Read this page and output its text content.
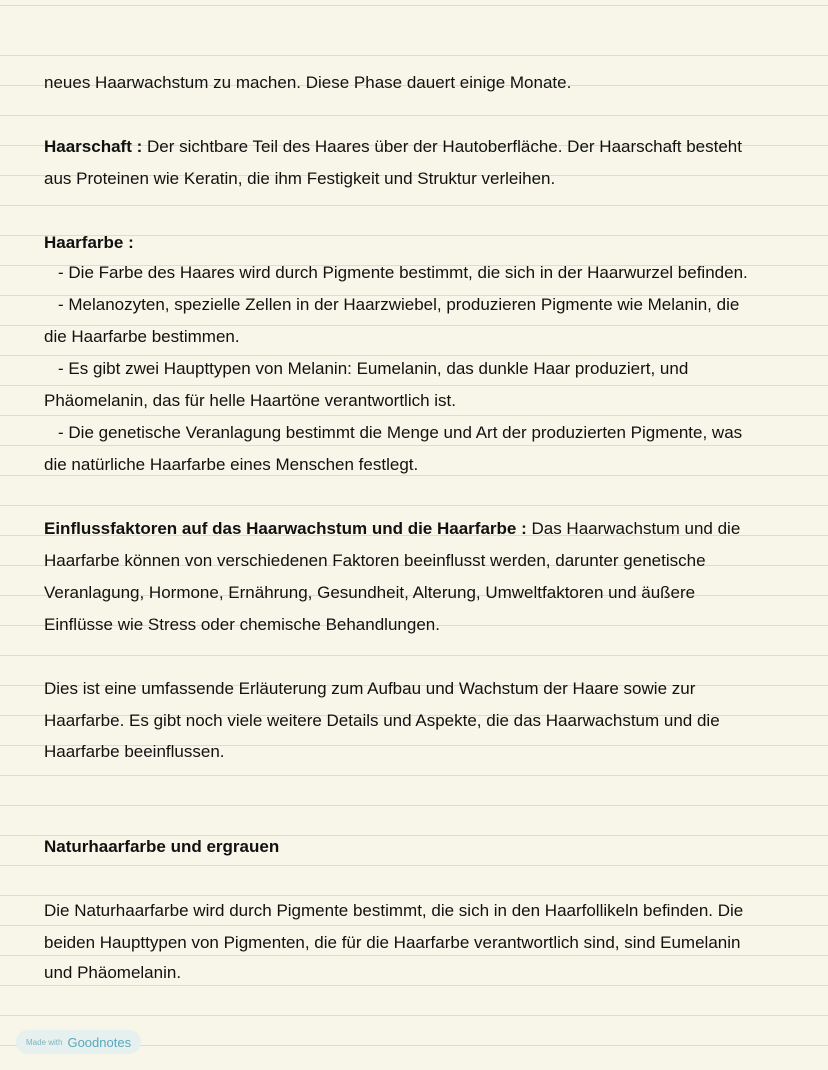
neues Haarwachstum zu machen. Diese Phase dauert einige Monate.
Haarschaft : Der sichtbare Teil des Haares über der Hautoberfläche. Der Haarschaft besteht
aus Proteinen wie Keratin, die ihm Festigkeit und Struktur verleihen.
Haarfarbe :
- Die Farbe des Haares wird durch Pigmente bestimmt, die sich in der Haarwurzel befinden.
- Melanozyten, spezielle Zellen in der Haarzwiebel, produzieren Pigmente wie Melanin, die
die Haarfarbe bestimmen.
- Es gibt zwei Haupttypen von Melanin: Eumelanin, das dunkle Haar produziert, und
Phäomelanin, das für helle Haartöne verantwortlich ist.
- Die genetische Veranlagung bestimmt die Menge und Art der produzierten Pigmente, was
die natürliche Haarfarbe eines Menschen festlegt.
Einflussfaktoren auf das Haarwachstum und die Haarfarbe : Das Haarwachstum und die
Haarfarbe können von verschiedenen Faktoren beeinflusst werden, darunter genetische
Veranlagung, Hormone, Ernährung, Gesundheit, Alterung, Umweltfaktoren und äußere
Einflüsse wie Stress oder chemische Behandlungen.
Dies ist eine umfassende Erläuterung zum Aufbau und Wachstum der Haare sowie zur
Haarfarbe. Es gibt noch viele weitere Details und Aspekte, die das Haarwachstum und die
Haarfarbe beeinflussen.
Naturhaarfarbe und ergrauen
Die Naturhaarfarbe wird durch Pigmente bestimmt, die sich in den Haarfollikeln befinden. Die
beiden Haupttypen von Pigmenten, die für die Haarfarbe verantwortlich sind, sind Eumelanin
und Phäomelanin.
Made with Goodnotes
